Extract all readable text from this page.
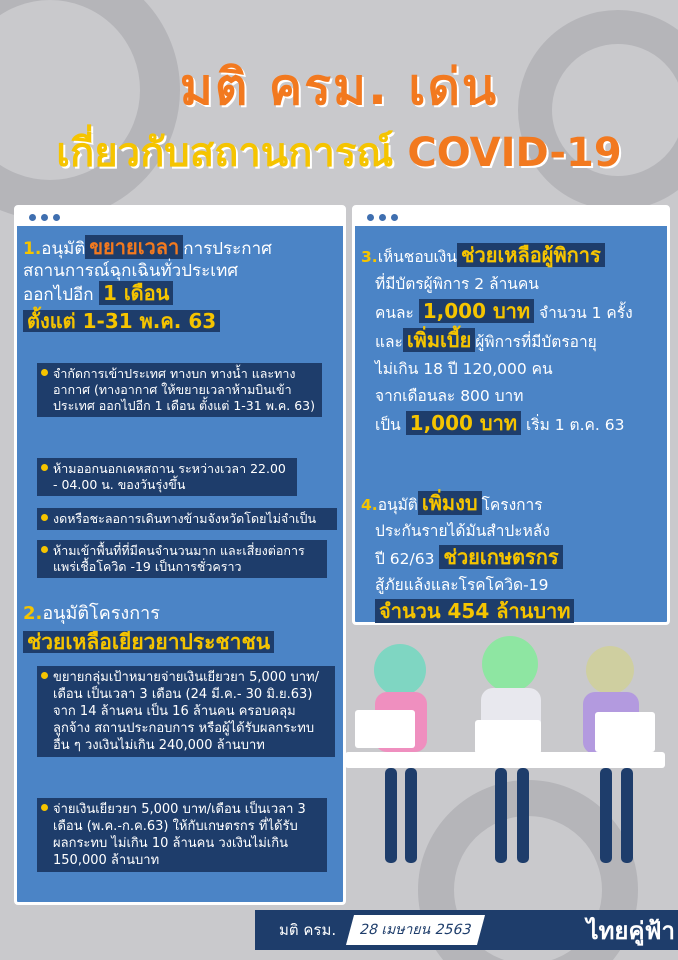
มติ ครม. เด่น
เกี่ยวกับสถานการณ์ COVID-19
1.อนุมัติ ขยายเวลา การประกาศ
สถานการณ์ฉุกเฉินทั่วประเทศ
ออกไปอีก 1 เดือน
ตั้งแต่ 1-31 พ.ค. 63
จำกัดการเข้าประเทศ ทางบก ทางน้ำ และทางอากาศ (ทางอากาศ ให้ขยายเวลาห้ามบินเข้าประเทศ ออกไปอีก 1 เดือน ตั้งแต่ 1-31 พ.ค. 63)
ห้ามออกนอกเคหสถาน ระหว่างเวลา 22.00 - 04.00 น. ของวันรุ่งขึ้น
งดหรือชะลอการเดินทางข้ามจังหวัดโดยไม่จำเป็น
ห้ามเข้าพื้นที่ที่มีคนจำนวนมาก และเสี่ยงต่อการแพร่เชื้อโควิด -19 เป็นการชั่วคราว
2.อนุมัติโครงการ
ช่วยเหลือเยียวยาประชาชน
ขยายกลุ่มเป้าหมายจ่ายเงินเยียวยา 5,000 บาท/เดือน เป็นเวลา 3 เดือน (24 มี.ค.- 30 มิ.ย.63) จาก 14 ล้านคน เป็น 16 ล้านคน ครอบคลุมลูกจ้าง สถานประกอบการ หรือผู้ได้รับผลกระทบอื่น ๆ วงเงินไม่เกิน 240,000 ล้านบาท
จ่ายเงินเยียวยา 5,000 บาท/เดือน เป็นเวลา 3 เดือน (พ.ค.-ก.ค.63) ให้กับเกษตรกร ที่ได้รับผลกระทบ ไม่เกิน 10 ล้านคน วงเงินไม่เกิน 150,000 ล้านบาท
3.เห็นชอบเงิน ช่วยเหลือผู้พิการ
ที่มีบัตรผู้พิการ 2 ล้านคน
คนละ 1,000 บาท จำนวน 1 ครั้ง
และ เพิ่มเบี้ย ผู้พิการที่มีบัตรอายุ
ไม่เกิน 18 ปี 120,000 คน
จากเดือนละ 800 บาท
เป็น 1,000 บาท เริ่ม 1 ต.ค. 63
4.อนุมัติ เพิ่มงบ โครงการ
ประกันรายได้มันสำปะหลัง
ปี 62/63 ช่วยเกษตรกร
สู้ภัยแล้งและโรคโควิด-19
จำนวน 454 ล้านบาท
มติ ครม.	28 เมษายน 2563	ไทยคู่ฟ้า
